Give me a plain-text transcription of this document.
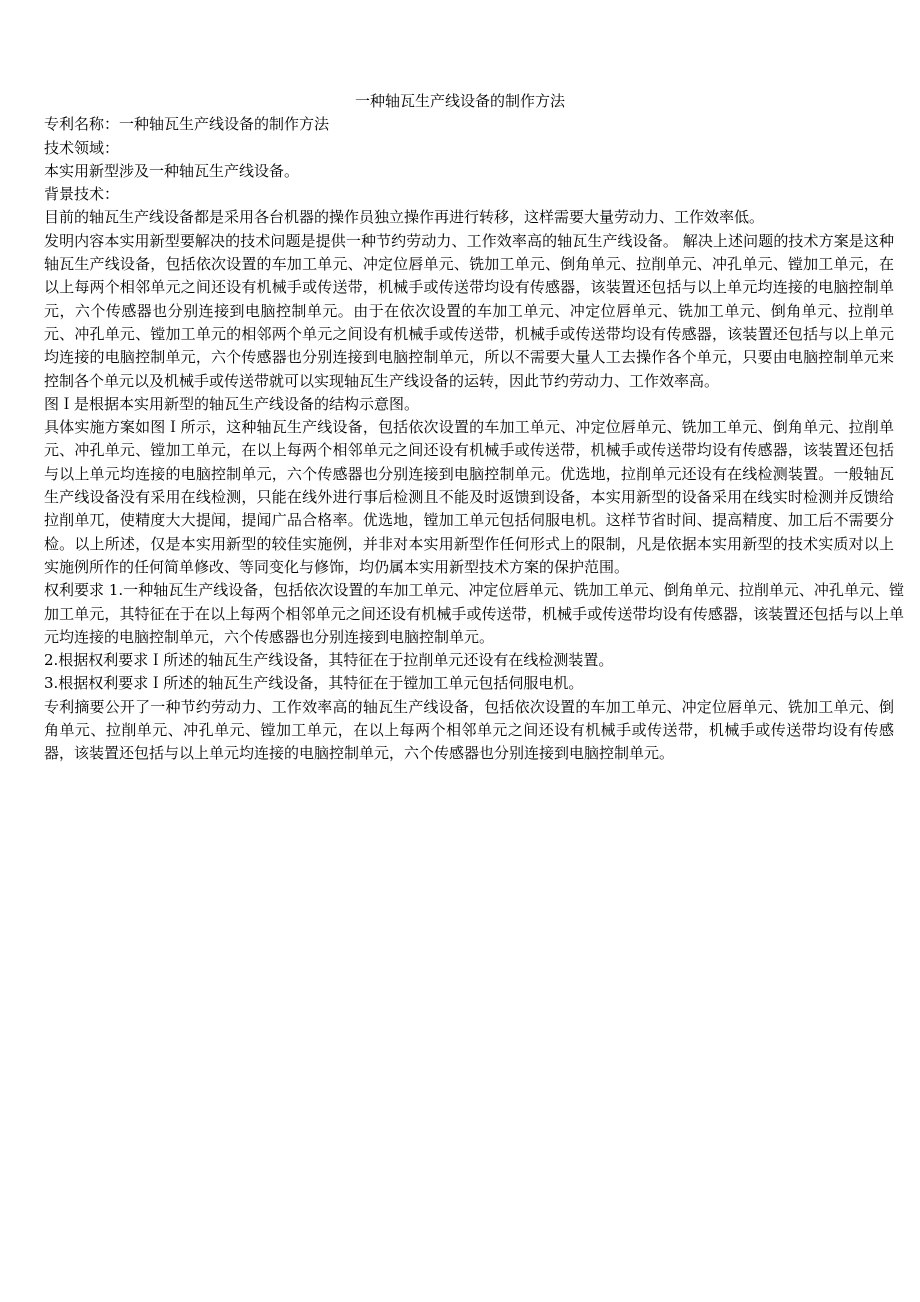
一种轴瓦生产线设备的制作方法

专利名称：一种轴瓦生产线设备的制作方法

技术领域：

本实用新型涉及一种轴瓦生产线设备。

背景技术：

目前的轴瓦生产线设备都是采用各台机器的操作员独立操作再进行转移，这样需要大量劳动力、工作效率低。

发明内容本实用新型要解决的技术问题是提供一种节约劳动力、工作效率高的轴瓦生产线设备。 解决上述问题的技术方案是这种轴瓦生产线设备，包括依次设置的车加工单元、冲定位唇单元、铣加工单元、倒角单元、拉削单元、冲孔单元、镗加工单元，在以上每两个相邻单元之间还设有机械手或传送带，机械手或传送带均设有传感器，该装置还包括与以上单元均连接的电脑控制单元，六个传感器也分别连接到电脑控制单元。由于在依次设置的车加工单元、冲定位唇单元、铣加工单元、倒角单元、拉削单元、冲孔单元、镗加工单元的相邻两个单元之间设有机械手或传送带，机械手或传送带均设有传感器，该装置还包括与以上单元均连接的电脑控制单元，六个传感器也分别连接到电脑控制单元，所以不需要大量人工去操作各个单元，只要由电脑控制单元来控制各个单元以及机械手或传送带就可以实现轴瓦生产线设备的运转，因此节约劳动力、工作效率高。

图Ｉ是根据本实用新型的轴瓦生产线设备的结构示意图。

具体实施方案如图Ｉ所示，这种轴瓦生产线设备，包括依次设置的车加工单元、冲定位唇单元、铣加工单元、倒角单元、拉削单元、冲孔单元、镗加工单元，在以上每两个相邻单元之间还设有机械手或传送带，机械手或传送带均设有传感器，该装置还包括与以上单元均连接的电脑控制单元，六个传感器也分别连接到电脑控制单元。优选地，拉削单元还设有在线检测装置。一般轴瓦生产线设备没有采用在线检测，只能在线外进行事后检测且不能及时返馈到设备，本实用新型的设备采用在线实时检测并反馈给拉削单兀，使精度大大提闻，提闻广品合格率。优选地，镗加工单元包括伺服电机。这样节省时间、提高精度、加工后不需要分检。以上所述，仅是本实用新型的较佳实施例，并非对本实用新型作任何形式上的限制，凡是依据本实用新型的技术实质对以上实施例所作的任何简单修改、等同变化与修饰，均仍属本实用新型技术方案的保护范围。

权利要求 1.一种轴瓦生产线设备，包括依次设置的车加工单元、冲定位唇单元、铣加工单元、倒角单元、拉削单元、冲孔单元、镗加工单元，其特征在于在以上每两个相邻单元之间还设有机械手或传送带，机械手或传送带均设有传感器，该装置还包括与以上单元均连接的电脑控制单元，六个传感器也分别连接到电脑控制单元。

2.根据权利要求Ｉ所述的轴瓦生产线设备，其特征在于拉削单元还设有在线检测装置。

3.根据权利要求Ｉ所述的轴瓦生产线设备，其特征在于镗加工单元包括伺服电机。

专利摘要公开了一种节约劳动力、工作效率高的轴瓦生产线设备，包括依次设置的车加工单元、冲定位唇单元、铣加工单元、倒角单元、拉削单元、冲孔单元、镗加工单元，在以上每两个相邻单元之间还设有机械手或传送带，机械手或传送带均设有传感器，该装置还包括与以上单元均连接的电脑控制单元，六个传感器也分别连接到电脑控制单元。
